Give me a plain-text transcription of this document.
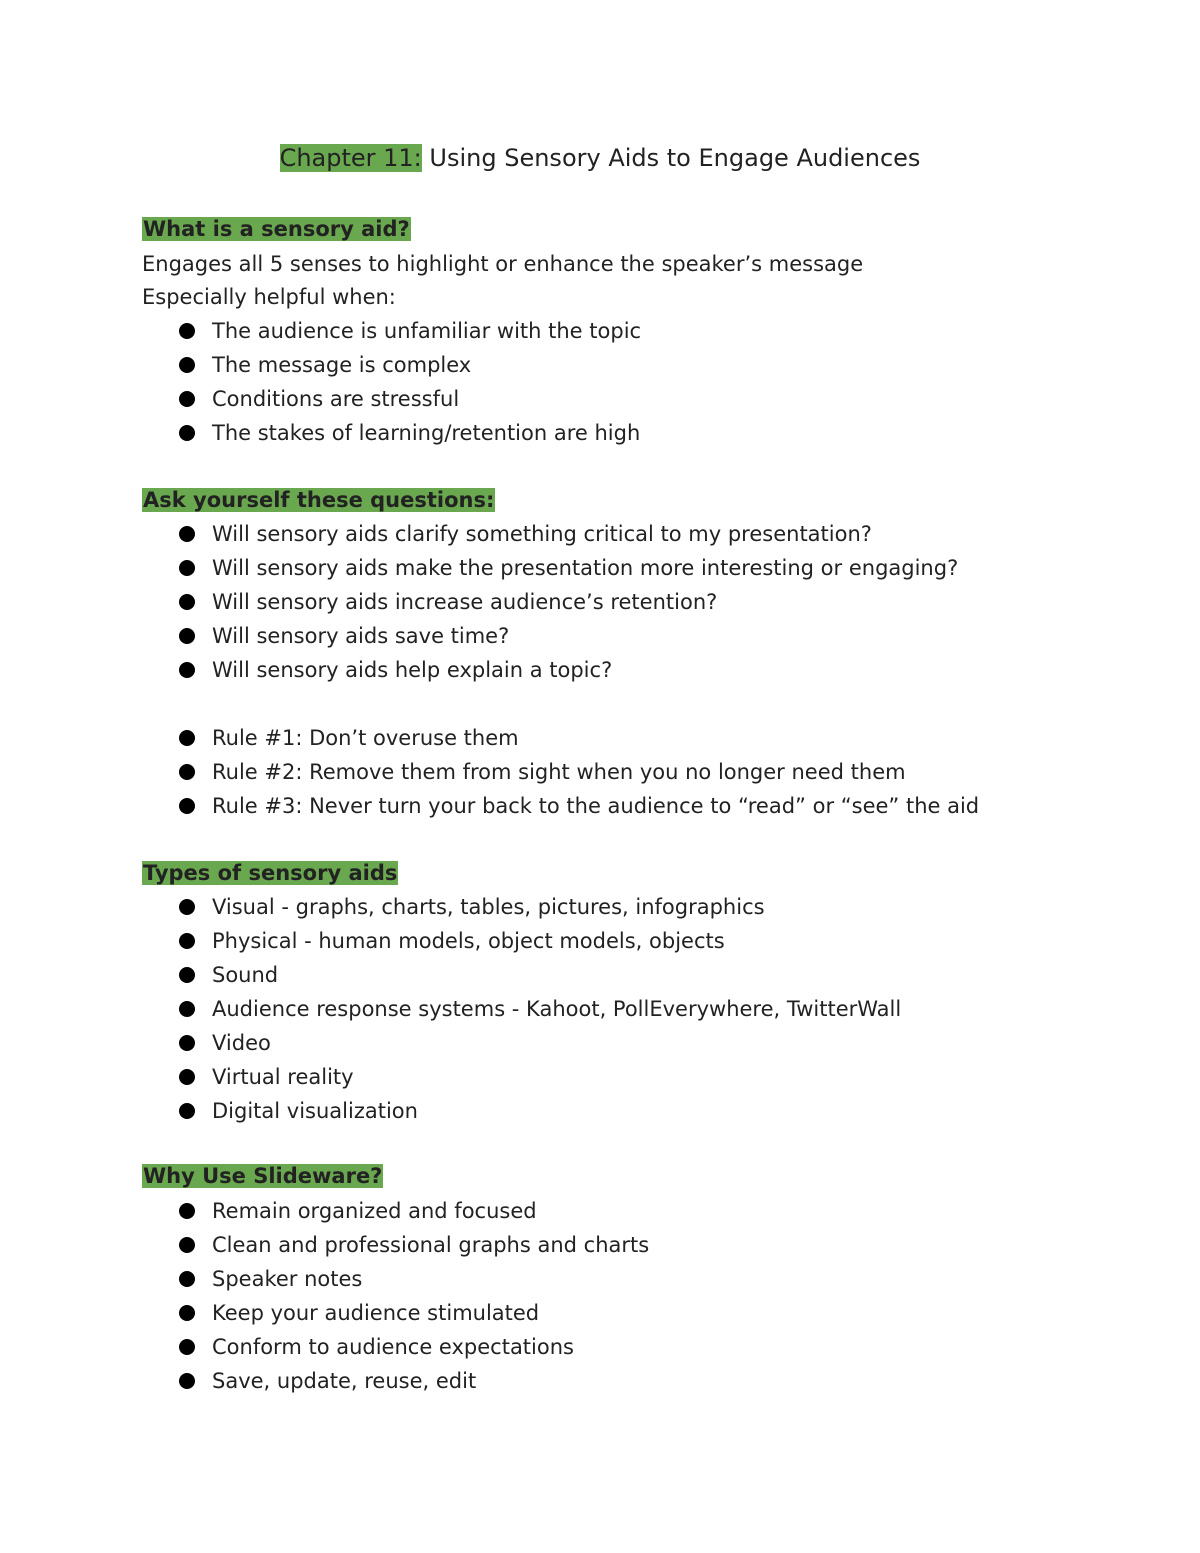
Chapter 11: Using Sensory Aids to Engage Audiences
What is a sensory aid?
Engages all 5 senses to highlight or enhance the speaker’s message
Especially helpful when:
The audience is unfamiliar with the topic
The message is complex
Conditions are stressful
The stakes of learning/retention are high
Ask yourself these questions:
Will sensory aids clarify something critical to my presentation?
Will sensory aids make the presentation more interesting or engaging?
Will sensory aids increase audience’s retention?
Will sensory aids save time?
Will sensory aids help explain a topic?
Rule #1: Don’t overuse them
Rule #2: Remove them from sight when you no longer need them
Rule #3: Never turn your back to the audience to “read” or “see” the aid
Types of sensory aids
Visual - graphs, charts, tables, pictures, infographics
Physical - human models, object models, objects
Sound
Audience response systems - Kahoot, PollEverywhere, TwitterWall
Video
Virtual reality
Digital visualization
Why Use Slideware?
Remain organized and focused
Clean and professional graphs and charts
Speaker notes
Keep your audience stimulated
Conform to audience expectations
Save, update, reuse, edit
